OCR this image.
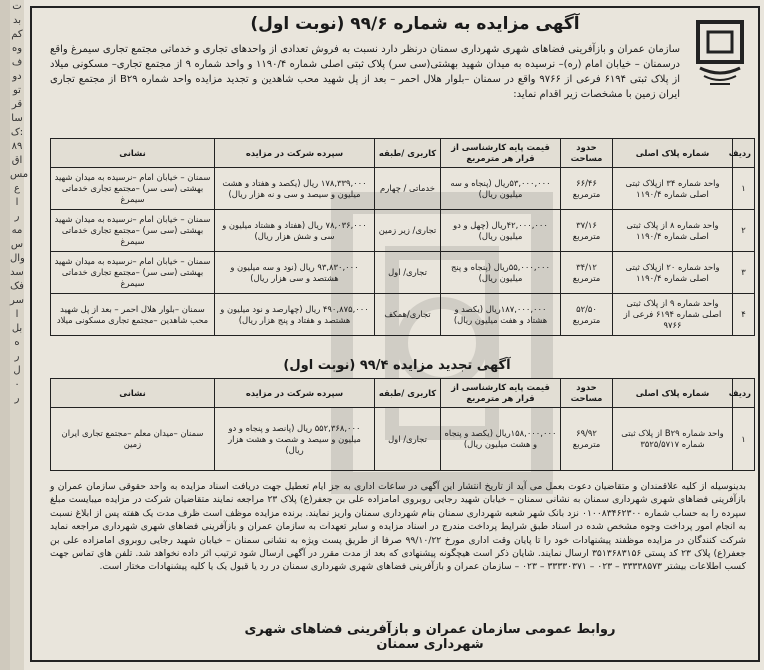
ت
بد
کم
وه
ف
دو
تو
قر
سا
ک:
۸۹
اق
مس
ع
ا
ر
مه
س
وال
سد
فک
سر
ا
بل
ه
ر
ل
۰
ر
آگهی مزایده به شماره ۹۹/۶ (نوبت اول)
سازمان عمران و بازآفرینی فضاهای شهری شهرداری سمنان درنظر دارد نسبت به فروش تعدادی از واحدهای تجاری و خدماتی مجتمع تجاری سیمرغ واقع درسمنان – خیابان امام (ره)– نرسیده به میدان شهید بهشتی(سی سر) پلاک ثبتی اصلی شماره ۱۱۹۰/۴ و واحد شماره ۹ از مجتمع تجاری– مسکونی میلاد از پلاک ثبتی ۶۱۹۴ فرعی از ۹۷۶۶ واقع در سمنان –بلوار هلال احمر – بعد از پل شهید محب شاهدین و تجدید مزایده واحد شماره B۲۹ از مجتمع تجاری ایران زمین با مشخصات زیر اقدام نماید:
ردیف	شماره پلاک اصلی	حدود مساحت	قیمت پایه کارشناسی از قرار هر مترمربع	کاربری /طبقه	سپرده شرکت در مزایده	نشانی
۱	واحد شماره ۳۴ ازپلاک ثبتی اصلی شماره ۱۱۹۰/۴	۶۶/۴۶ مترمربع	۵۳,۰۰۰,۰۰۰ریال (پنجاه و سه میلیون ریال)	خدماتی / چهارم	۱۷۸,۳۳۹,۰۰۰ ریال (یکصد و هفتاد و هشت میلیون و سیصد و سی و نه هزار ریال)	سمنان – خیابان امام –نرسیده به میدان شهید بهشتی (سی سر) –مجتمع تجاری خدماتی سیمرغ
۲	واحد شماره ۸ از پلاک ثبتی اصلی شماره ۱۱۹۰/۴	۳۷/۱۶ مترمربع	۴۲,۰۰۰,۰۰۰ریال (چهل و دو میلیون ریال)	تجاری/ زیر زمین	۷۸,۰۳۶,۰۰۰ ریال (هفتاد و هشتاد میلیون و سی و شش هزار ریال)	سمنان – خیابان امام –نرسیده به میدان شهید بهشتی (سی سر) –مجتمع تجاری خدماتی سیمرغ
۳	واحد شماره ۲۰ ازپلاک ثبتی اصلی شماره ۱۱۹۰/۴	۳۴/۱۲ مترمربع	۵۵,۰۰۰,۰۰۰ریال (پنجاه و پنج میلیون ریال)	تجاری/ اول	۹۳,۸۳۰,۰۰۰ ریال (نود و سه میلیون و هشتصد و سی هزار ریال)	سمنان – خیابان امام –نرسیده به میدان شهید بهشتی (سی سر) –مجتمع تجاری خدماتی سیمرغ
۴	واحد شماره ۹ از پلاک ثبتی اصلی شماره ۶۱۹۴ فرعی از ۹۷۶۶	۵۲/۵۰ مترمربع	۱۸۷,۰۰۰,۰۰۰ریال (یکصد و هشتاد و هفت میلیون ریال)	تجاری/همکف	۴۹۰,۸۷۵,۰۰۰ ریال (چهارصد و نود میلیون و هشتصد و هفتاد و پنج هزار ریال)	سمنان –بلوار هلال احمر – بعد از پل شهید محب شاهدین –مجتمع تجاری مسکونی میلاد
آگهی تجدید مزایده ۹۹/۴ (نوبت اول)
ردیف	شماره پلاک اصلی	حدود مساحت	قیمت پایه کارشناسی از قرار هر مترمربع	کاربری /طبقه	سپرده شرکت در مزایده	نشانی
۱	واحد شماره B۲۹ از پلاک ثبتی شماره ۳۵۲۵/۵۷۱۷	۶۹/۹۲ مترمربع	۱۵۸,۰۰۰,۰۰۰ریال (یکصد و پنجاه و هشت میلیون ریال)	تجاری/ اول	۵۵۲,۳۶۸,۰۰۰ ریال (پانصد و پنجاه و دو میلیون و سیصد و شصت و هشت هزار ریال)	سمنان –میدان معلم –مجتمع تجاری ایران زمین
بدینوسیله از کلیه علاقمندان و متقاضیان دعوت بعمل می آید از تاریخ انتشار این آگهی در ساعات اداری به جز ایام تعطیل جهت دریافت اسناد مزایده به واحد حقوقی سازمان عمران و بازآفرینی فضاهای شهری شهرداری سمنان به نشانی سمنان – خیابان شهید رجایی روبروی امامزاده علی بن جعفر(ع) پلاک ۲۳ مراجعه نمایند متقاضیان شرکت در مزایده میبایست مبلغ سپرده را به حساب شماره ۰۱۰۰۸۳۴۶۲۳۰۰ نزد بانک شهر شعبه شهرداری سمنان بنام شهرداری سمنان واریز نمایند. برنده مزایده موظف است ظرف مدت یک هفته پس از ابلاغ نسبت به انجام امور پرداخت وجوه مشخص شده در اسناد طبق شرایط پرداخت مندرج در اسناد مزایده و سایر تعهدات به سازمان عمران و بازآفرینی فضاهای شهری شهرداری مراجعه نماید شرکت کنندگان در مزایده موظفند پیشنهادات خود را تا پایان وقت اداری مورخ ۹۹/۱۰/۲۲ صرفا از طریق پست ویژه به نشانی سمنان – خیابان شهید رجایی روبروی امامزاده علی بن جعفر(ع) پلاک ۲۳ کد پستی ۳۵۱۳۶۸۳۱۵۶ ارسال نمایند. شایان ذکر است هیچگونه پیشنهادی که بعد از مدت مقرر در آگهی ارسال شود ترتیب اثر داده نخواهد شد. تلفن های تماس جهت کسب اطلاعات بیشتر ۳۳۳۳۸۵۷۳ – ۰۲۳ – ۳۳۳۳۰۳۷۱ – ۰۲۳ – سازمان عمران و بازآفرینی فضاهای شهری شهرداری سمنان در رد یا قبول یک یا کلیه پیشنهادات مختار است.
روابط عمومی سازمان عمران و بازآفرینی فضاهای شهری شهرداری سمنان
